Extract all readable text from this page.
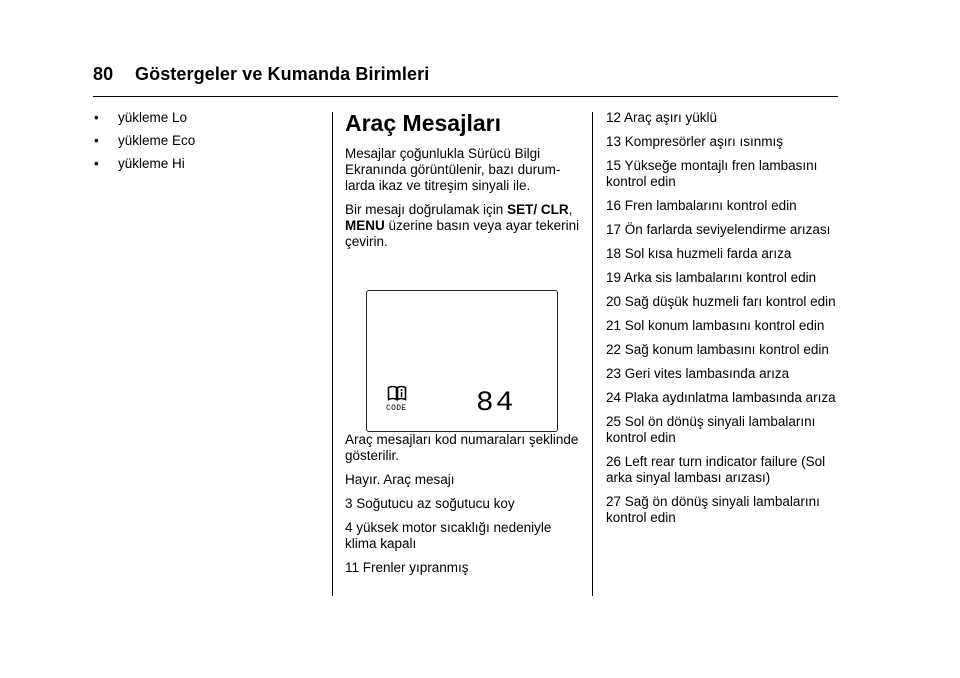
80 Göstergeler ve Kumanda Birimleri
•	yükleme Lo
•	yükleme Eco
•	yükleme Hi
Araç Mesajları

Mesajlar çoğunlukla Sürücü Bilgi Ekranında görüntülenir, bazı durum-larda ikaz ve titreşim sinyali ile.

Bir mesajı doğrulamak için SET/ CLR, MENU üzerine basın veya ayar tekerini çevirin.

CODE 84

Araç mesajları kod numaraları şeklinde gösterilir.

Hayır. Araç mesajı

3 Soğutucu az soğutucu koy

4 yüksek motor sıcaklığı nedeniyle klima kapalı

11 Frenler yıpranmış

12 Araç aşırı yüklü

13 Kompresörler aşırı ısınmış

15 Yükseğe montajlı fren lambasını kontrol edin

16 Fren lambalarını kontrol edin

17 Ön farlarda seviyelendirme arızası

18 Sol kısa huzmeli farda arıza

19 Arka sis lambalarını kontrol edin

20 Sağ düşük huzmeli farı kontrol edin

21 Sol konum lambasını kontrol edin

22 Sağ konum lambasını kontrol edin

23 Geri vites lambasında arıza

24 Plaka aydınlatma lambasında arıza

25 Sol ön dönüş sinyali lambalarını kontrol edin

26 Left rear turn indicator failure (Sol arka sinyal lambası arızası)

27 Sağ ön dönüş sinyali lambalarını kontrol edin
